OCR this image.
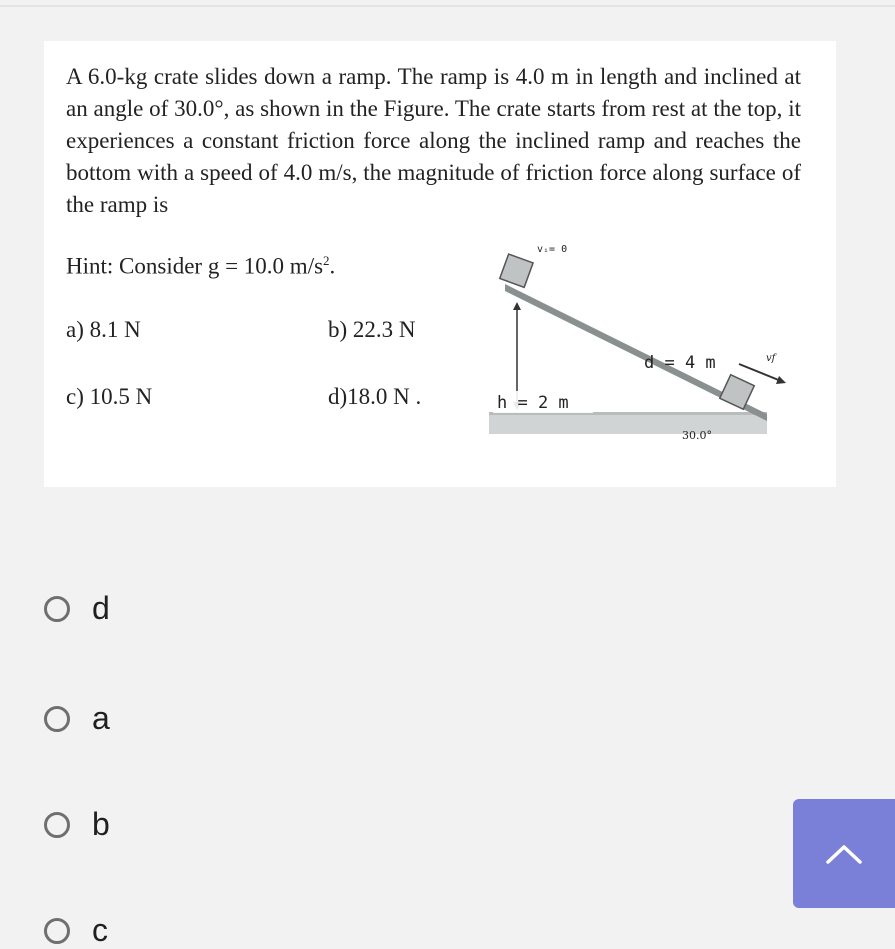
A 6.0-kg crate slides down a ramp. The ramp is 4.0 m in length and inclined at an angle of 30.0°, as shown in the Figure. The crate starts from rest at the top, it experiences a constant friction force along the inclined ramp and reaches the bottom with a speed of 4.0 m/s, the magnitude of friction force along surface of the ramp is
Hint: Consider g = 10.0 $m/s^2$.
a) 8.1 N	b) 22.3 N
c) 10.5 N	d)18.0 N .
vᵢ= 0
d = 4 m
h = 2 m
30.0°
vf
d
a
b
c
